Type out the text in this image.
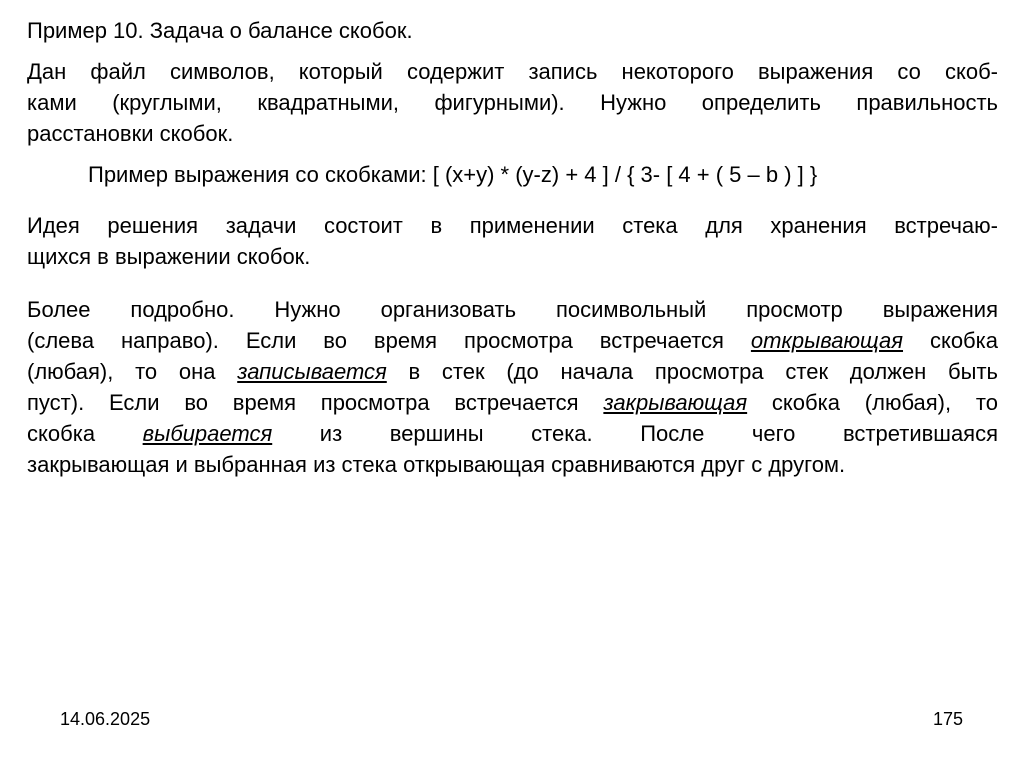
Пример 10. Задача о балансе скобок.
Дан файл символов, который содержит запись некоторого выражения со скоб-
ками (круглыми, квадратными, фигурными). Нужно определить правильность
расстановки скобок.
Пример выражения со скобками: [ (x+y) * (y-z) + 4 ] / { 3- [ 4 + ( 5 – b ) ] }
Идея решения задачи состоит в применении стека для хранения встречаю-
щихся в выражении скобок.
Более подробно. Нужно организовать посимвольный просмотр выражения
(слева направо). Если во время просмотра встречается открывающая скобка
(любая), то она записывается в стек (до начала просмотра стек должен быть
пуст). Если во время просмотра встречается закрывающая скобка (любая), то
скобка выбирается из вершины стека. После чего встретившаяся
закрывающая и выбранная из стека открывающая сравниваются друг с другом.
14.06.2025	175
